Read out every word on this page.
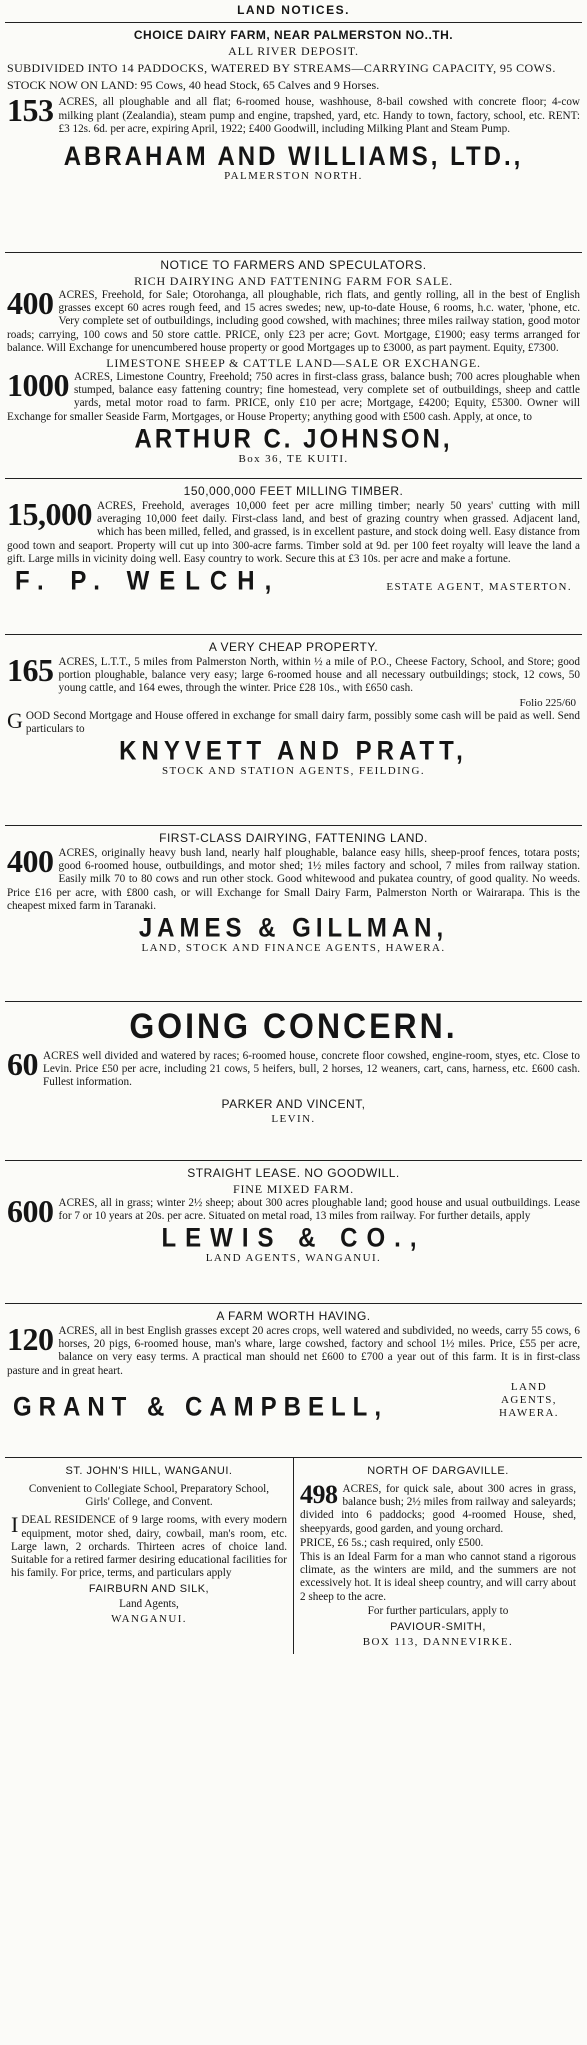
LAND NOTICES.
CHOICE DAIRY FARM, NEAR PALMERSTON NO..TH.
ALL RIVER DEPOSIT.
SUBDIVIDED INTO 14 PADDOCKS, WATERED BY STREAMS—CARRYING CAPACITY, 95 COWS.
STOCK NOW ON LAND: 95 Cows, 40 head Stock, 65 Calves and 9 Horses.
153 ACRES, all ploughable and all flat; 6-roomed house, washhouse, 8-bail cowshed with concrete floor; 4-cow milking plant (Zealandia), steam pump and engine, trapshed, yard, etc. Handy to town, factory, school, etc. RENT: £3 12s. 6d. per acre, expiring April, 1922; £400 Goodwill, including Milking Plant and Steam Pump.
ABRAHAM AND WILLIAMS, LTD.,
PALMERSTON NORTH.
NOTICE TO FARMERS AND SPECULATORS.
RICH DAIRYING AND FATTENING FARM FOR SALE.
400 ACRES, Freehold, for Sale; Otorohanga, all ploughable, rich flats, and gently rolling, all in the best of English grasses except 60 acres rough feed, and 15 acres swedes; new, up-to-date House, 6 rooms, h.c. water, 'phone, etc. Very complete set of outbuildings, including good cowshed, with machines; three miles railway station, good motor roads; carrying, 100 cows and 50 store cattle. PRICE, only £23 per acre; Govt. Mortgage, £1900; easy terms arranged for balance. Will Exchange for unencumbered house property or good Mortgages up to £3000, as part payment. Equity, £7300.
LIMESTONE SHEEP & CATTLE LAND—SALE OR EXCHANGE.
1000 ACRES, Limestone Country, Freehold; 750 acres in first-class grass, balance bush; 700 acres ploughable when stumped, balance easy fattening country; fine homestead, very complete set of outbuildings, sheep and cattle yards, metal motor road to farm. PRICE, only £10 per acre; Mortgage, £4200; Equity, £5300. Owner will Exchange for smaller Seaside Farm, Mortgages, or House Property; anything good with £500 cash. Apply, at once, to
ARTHUR C. JOHNSON,
Box 36, TE KUITI.
150,000,000 FEET MILLING TIMBER.
15,000 ACRES, Freehold, averages 10,000 feet per acre milling timber; nearly 50 years' cutting with mill averaging 10,000 feet daily. First-class land, and best of grazing country when grassed. Adjacent land, which has been milled, felled, and grassed, is in excellent pasture, and stock doing well. Easy distance from good town and seaport. Property will cut up into 300-acre farms. Timber sold at 9d. per 100 feet royalty will leave the land a gift. Large mills in vicinity doing well. Easy country to work. Secure this at £3 10s. per acre and make a fortune.
F. P. WELCH,	ESTATE AGENT, MASTERTON.
A VERY CHEAP PROPERTY.
165 ACRES, L.T.T., 5 miles from Palmerston North, within ½ a mile of P.O., Cheese Factory, School, and Store; good portion ploughable, balance very easy; large 6-roomed house and all necessary outbuildings; stock, 12 cows, 50 young cattle, and 164 ewes, through the winter. Price £28 10s., with £650 cash.
Folio 225/60
GOOD Second Mortgage and House offered in exchange for small dairy farm, possibly some cash will be paid as well. Send particulars to
KNYVETT AND PRATT,
STOCK AND STATION AGENTS, FEILDING.
FIRST-CLASS DAIRYING, FATTENING LAND.
400 ACRES, originally heavy bush land, nearly half ploughable, balance easy hills, sheep-proof fences, totara posts; good 6-roomed house, outbuildings, and motor shed; 1½ miles factory and school, 7 miles from railway station. Easily milk 70 to 80 cows and run other stock. Good whitewood and pukatea country, of good quality. No weeds. Price £16 per acre, with £800 cash, or will Exchange for Small Dairy Farm, Palmerston North or Wairarapa. This is the cheapest mixed farm in Taranaki.
JAMES & GILLMAN,
LAND, STOCK AND FINANCE AGENTS, HAWERA.
GOING CONCERN.
60 ACRES well divided and watered by races; 6-roomed house, concrete floor cowshed, engine-room, styes, etc. Close to Levin. Price £50 per acre, including 21 cows, 5 heifers, bull, 2 horses, 12 weaners, cart, cans, harness, etc. £600 cash. Fullest information.
PARKER AND VINCENT,
LEVIN.
STRAIGHT LEASE. NO GOODWILL.
FINE MIXED FARM.
600 ACRES, all in grass; winter 2½ sheep; about 300 acres ploughable land; good house and usual outbuildings. Lease for 7 or 10 years at 20s. per acre. Situated on metal road, 13 miles from railway. For further details, apply
LEWIS & CO.,
LAND AGENTS, WANGANUI.
A FARM WORTH HAVING.
120 ACRES, all in best English grasses except 20 acres crops, well watered and subdivided, no weeds, carry 55 cows, 6 horses, 20 pigs, 6-roomed house, man's whare, large cowshed, factory and school 1½ miles. Price, £55 per acre, balance on very easy terms. A practical man should net £600 to £700 a year out of this farm. It is in first-class pasture and in great heart.
GRANT & CAMPBELL,
LAND AGENTS, HAWERA.
ST. JOHN'S HILL, WANGANUI.
Convenient to Collegiate School, Preparatory School, Girls' College, and Convent.
IDEAL RESIDENCE of 9 large rooms, with every modern equipment, motor shed, dairy, cowbail, man's room, etc. Large lawn, 2 orchards. Thirteen acres of choice land. Suitable for a retired farmer desiring educational facilities for his family. For price, terms, and particulars apply
FAIRBURN AND SILK,
Land Agents,
WANGANUI.
NORTH OF DARGAVILLE.
498 ACRES, for quick sale, about 300 acres in grass, balance bush; 2½ miles from railway and saleyards; divided into 6 paddocks; good 4-roomed House, shed, sheepyards, good garden, and young orchard.
PRICE, £6 5s.; cash required, only £500.
This is an Ideal Farm for a man who cannot stand a rigorous climate, as the winters are mild, and the summers are not excessively hot. It is ideal sheep country, and will carry about 2 sheep to the acre.
For further particulars, apply to
PAVIOUR-SMITH,
BOX 113, DANNEVIRKE.
